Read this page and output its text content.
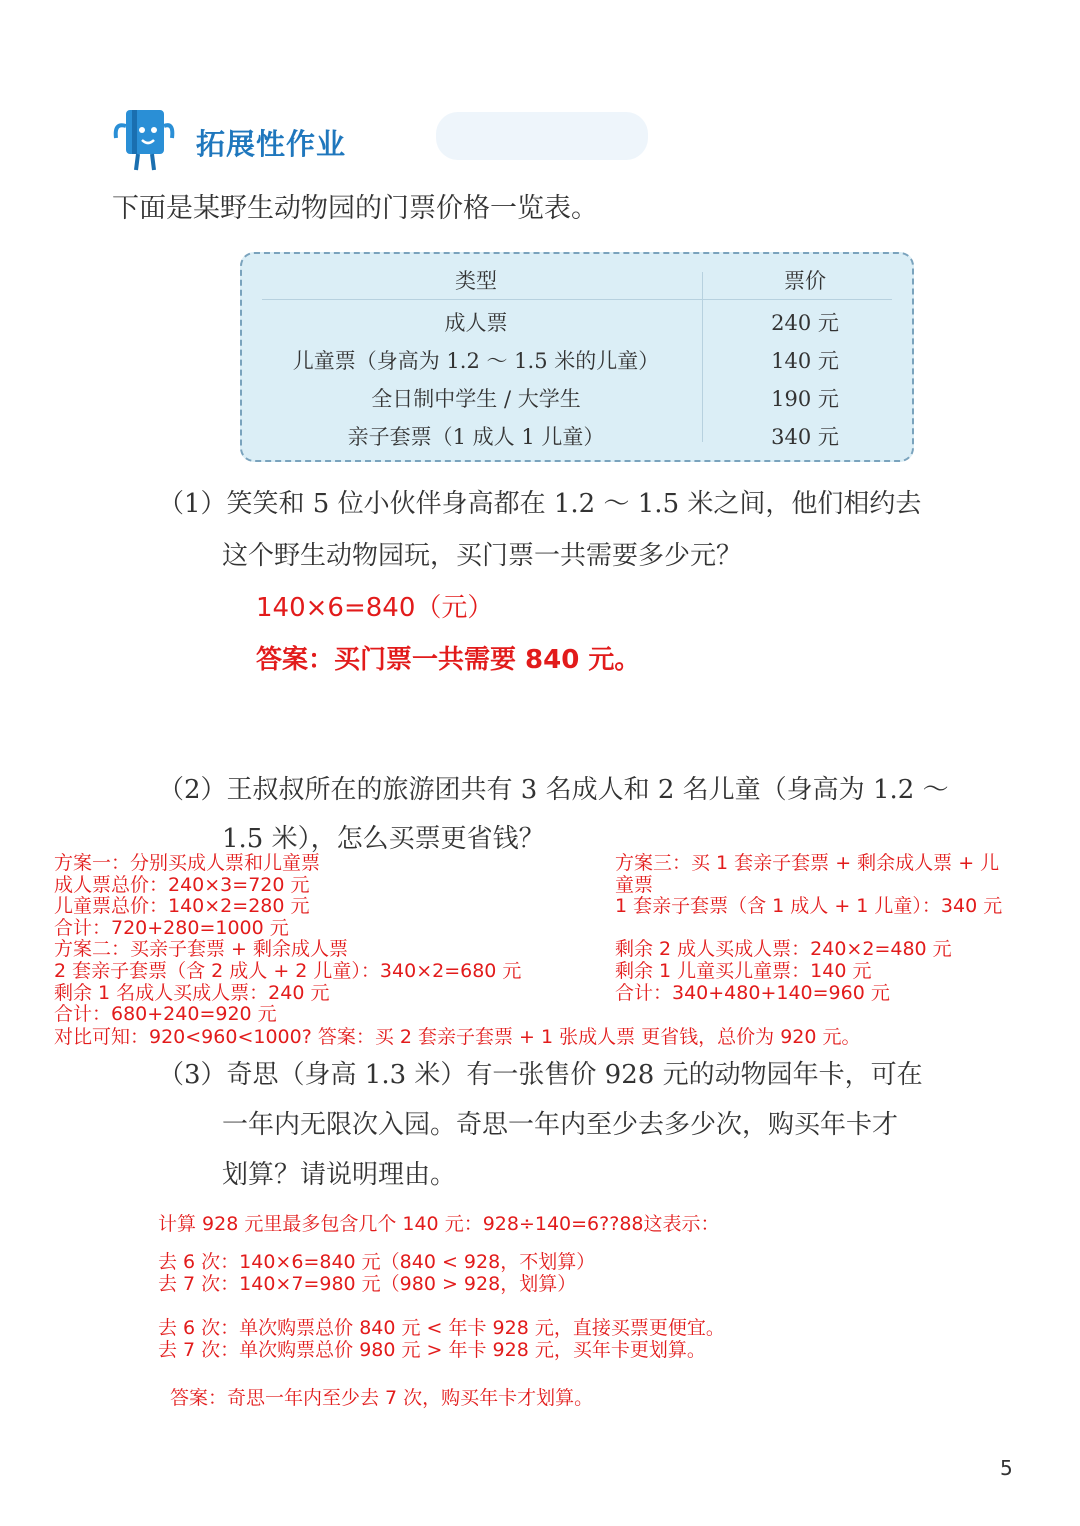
拓展性作业
下面是某野生动物园的门票价格一览表。
类型	票价
成人票	240 元
儿童票（身高为 1.2 ～ 1.5 米的儿童）	140 元
全日制中学生 / 大学生	190 元
亲子套票（1 成人 1 儿童）	340 元
（1）笑笑和 5 位小伙伴身高都在 1.2 ～ 1.5 米之间，他们相约去
这个野生动物园玩，买门票一共需要多少元？
140×6=840（元）
答案：买门票一共需要 840 元。
（2）王叔叔所在的旅游团共有 3 名成人和 2 名儿童（身高为 1.2 ～
1.5 米），怎么买票更省钱？
方案一：分别买成人票和儿童票
成人票总价：240×3=720 元
儿童票总价：140×2=280 元
合计：720+280=1000 元
方案二：买亲子套票 + 剩余成人票
2 套亲子套票（含 2 成人 + 2 儿童）：340×2=680 元
剩余 1 名成人买成人票：240 元
合计：680+240=920 元
方案三：买 1 套亲子套票 + 剩余成人票 + 儿
童票
1 套亲子套票（含 1 成人 + 1 儿童）：340 元
剩余 2 成人买成人票：240×2=480 元
剩余 1 儿童买儿童票：140 元
合计：340+480+140=960 元
对比可知：920<960<1000? 答案：买 2 套亲子套票 + 1 张成人票 更省钱，总价为 920 元。
（3）奇思（身高 1.3 米）有一张售价 928 元的动物园年卡，可在
一年内无限次入园。奇思一年内至少去多少次，购买年卡才
划算？请说明理由。
计算 928 元里最多包含几个 140 元：928÷140=6??88这表示：
去 6 次：140×6=840 元（840 < 928，不划算）
去 7 次：140×7=980 元（980 > 928，划算）
去 6 次：单次购票总价 840 元 < 年卡 928 元，直接买票更便宜。
去 7 次：单次购票总价 980 元 > 年卡 928 元，买年卡更划算。
答案：奇思一年内至少去 7 次，购买年卡才划算。
5
